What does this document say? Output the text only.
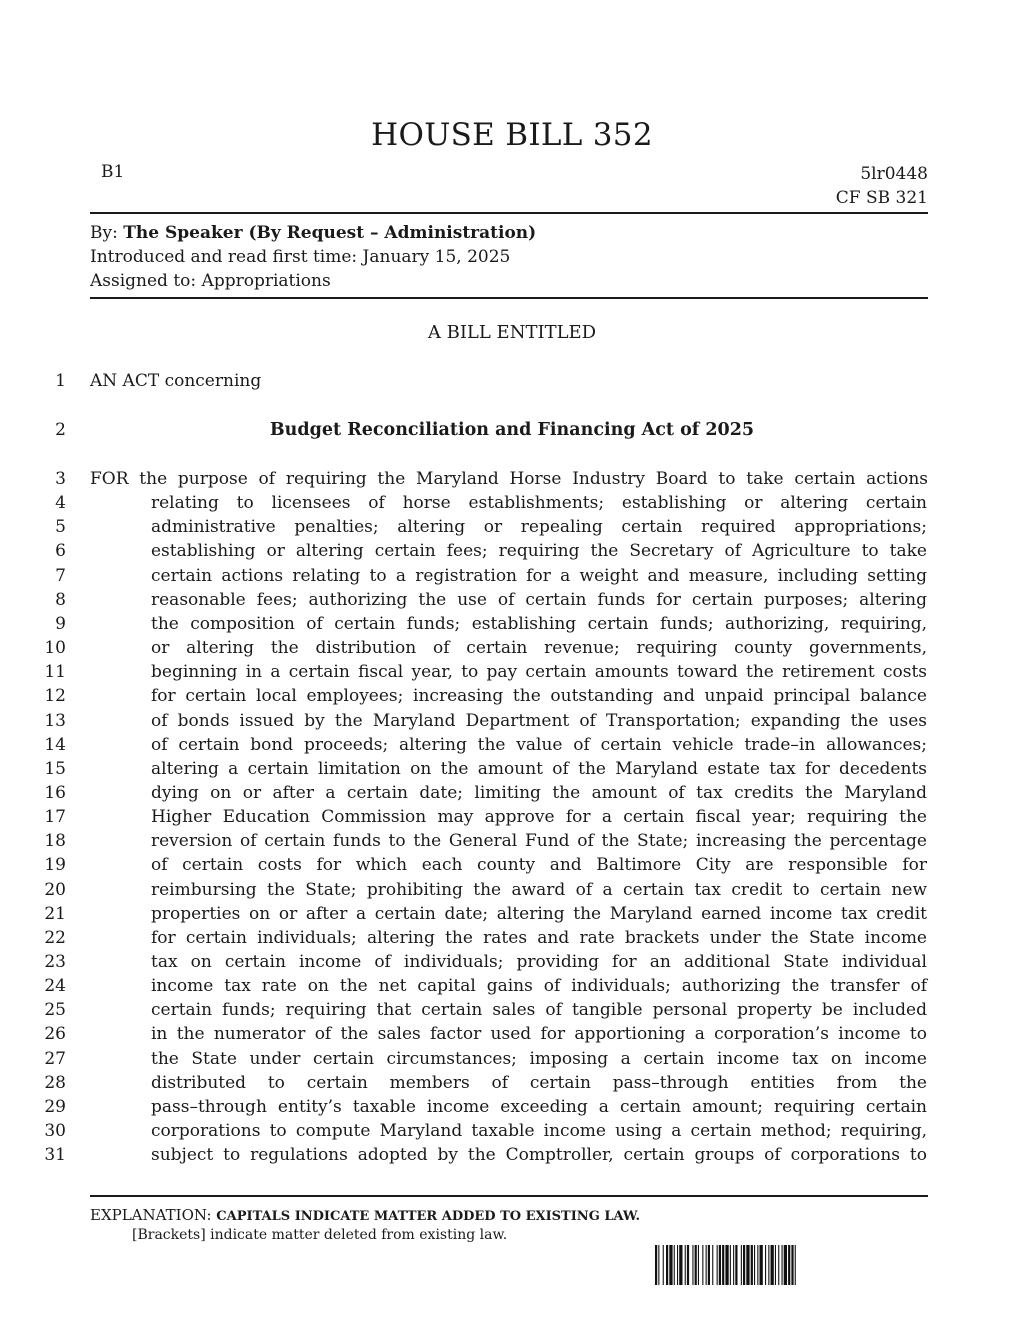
HOUSE BILL 352
B1	5lr0448
CF SB 321
By: The Speaker (By Request – Administration)
Introduced and read first time: January 15, 2025
Assigned to: Appropriations
A BILL ENTITLED
1 AN ACT concerning
2	Budget Reconciliation and Financing Act of 2025
3 FOR the purpose of requiring the Maryland Horse Industry Board to take certain actions
4	relating to licensees of horse establishments; establishing or altering certain
5	administrative penalties; altering or repealing certain required appropriations;
6	establishing or altering certain fees; requiring the Secretary of Agriculture to take
7	certain actions relating to a registration for a weight and measure, including setting
8	reasonable fees; authorizing the use of certain funds for certain purposes; altering
9	the composition of certain funds; establishing certain funds; authorizing, requiring,
10	or altering the distribution of certain revenue; requiring county governments,
11	beginning in a certain fiscal year, to pay certain amounts toward the retirement costs
12	for certain local employees; increasing the outstanding and unpaid principal balance
13	of bonds issued by the Maryland Department of Transportation; expanding the uses
14	of certain bond proceeds; altering the value of certain vehicle trade–in allowances;
15	altering a certain limitation on the amount of the Maryland estate tax for decedents
16	dying on or after a certain date; limiting the amount of tax credits the Maryland
17	Higher Education Commission may approve for a certain fiscal year; requiring the
18	reversion of certain funds to the General Fund of the State; increasing the percentage
19	of certain costs for which each county and Baltimore City are responsible for
20	reimbursing the State; prohibiting the award of a certain tax credit to certain new
21	properties on or after a certain date; altering the Maryland earned income tax credit
22	for certain individuals; altering the rates and rate brackets under the State income
23	tax on certain income of individuals; providing for an additional State individual
24	income tax rate on the net capital gains of individuals; authorizing the transfer of
25	certain funds; requiring that certain sales of tangible personal property be included
26	in the numerator of the sales factor used for apportioning a corporation’s income to
27	the State under certain circumstances; imposing a certain income tax on income
28	distributed to certain members of certain pass–through entities from the
29	pass–through entity’s taxable income exceeding a certain amount; requiring certain
30	corporations to compute Maryland taxable income using a certain method; requiring,
31	subject to regulations adopted by the Comptroller, certain groups of corporations to
EXPLANATION: CAPITALS INDICATE MATTER ADDED TO EXISTING LAW.
[Brackets] indicate matter deleted from existing law.
